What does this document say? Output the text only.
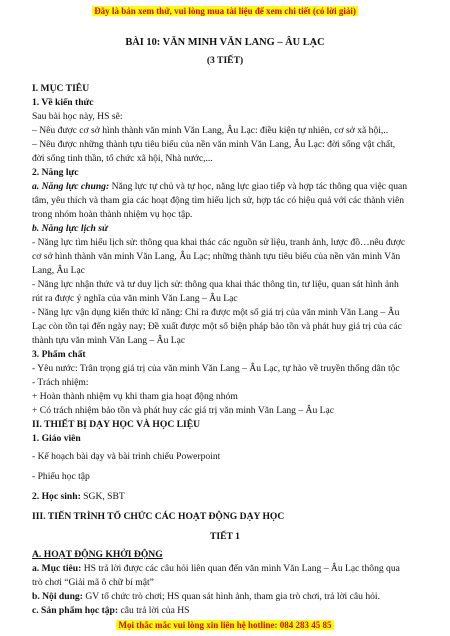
Đây là bản xem thử, vui lòng mua tài liệu để xem chi tiết (có lời giải)
BÀI 10: VĂN MINH VĂN LANG – ÂU LẠC
(3 TIẾT)
I. MỤC TIÊU
1. Về kiến thức
Sau bài học này, HS sẽ:
– Nêu được cơ sở hình thành văn minh Văn Lang, Âu Lạc: điều kiện tự nhiên, cơ sở xã hội,..
– Nêu được những thành tựu tiêu biểu của nền văn minh Văn Lang, Âu Lạc: đời sống vật chất,
đời sống tinh thần, tổ chức xã hội, Nhà nước,...
2. Năng lực
a. Năng lực chung: Năng lực tự chủ và tự học, năng lực giao tiếp và hợp tác thông qua việc quan
tâm, yêu thích và tham gia các hoạt động tìm hiểu lịch sử, hợp tác có hiệu quả với các thành viên
trong nhóm hoàn thành nhiệm vụ học tập.
b. Năng lực lịch sử
- Năng lực tìm hiểu lịch sử: thông qua khai thác các nguồn sử liệu, tranh ảnh, lược đồ…nêu được
cơ sở hình thành văn minh Văn Lang, Âu Lạc; những thành tựu tiêu biểu của nền văn minh Văn
Lang, Âu Lạc
- Năng lực nhận thức và tư duy lịch sử: thông qua khai thác thông tin, tư liệu, quan sát hình ảnh
rút ra được ý nghĩa của văn minh Văn Lang – Âu Lạc
- Năng lực vận dụng kiến thức kĩ năng: Chỉ ra được một số giá trị của văn minh Văn Lang – Âu
Lạc còn tồn tại đến ngày nay; Đề xuất được một số biện pháp bảo tồn và phát huy giá trị của các
thành tựu văn minh Văn Lang – Âu Lạc
3. Phẩm chất
- Yêu nước: Trân trọng giá trị của văn minh Văn Lang – Âu Lạc, tự hào về truyền thống dân tộc
- Trách nhiệm:
+ Hoàn thành nhiệm vụ khi tham gia hoạt động nhóm
+ Có trách nhiệm bảo tồn và phát huy các giá trị văn minh Văn Lang – Âu Lạc
II. THIẾT BỊ DẠY HỌC VÀ HỌC LIỆU
1. Giáo viên
- Kế hoạch bài dạy và bài trình chiếu Powerpoint
- Phiếu học tập
2. Học sinh: SGK, SBT
III. TIẾN TRÌNH TỔ CHỨC CÁC HOẠT ĐỘNG DẠY HỌC
TIẾT 1
A. HOẠT ĐỘNG KHỞI ĐỘNG
a. Mục tiêu: HS trả lời được các câu hỏi liên quan đến văn minh Văn Lang – Âu Lạc thông qua
trò chơi “Giải mã ô chữ bí mật”
b. Nội dung: GV tổ chức trò chơi; HS quan sát hình ảnh, tham gia trò chơi, trả lời câu hỏi.
c. Sản phẩm học tập: câu trả lời của HS
Mọi thắc mắc vui lòng xin liên hệ hotline: 084 283 45 85
